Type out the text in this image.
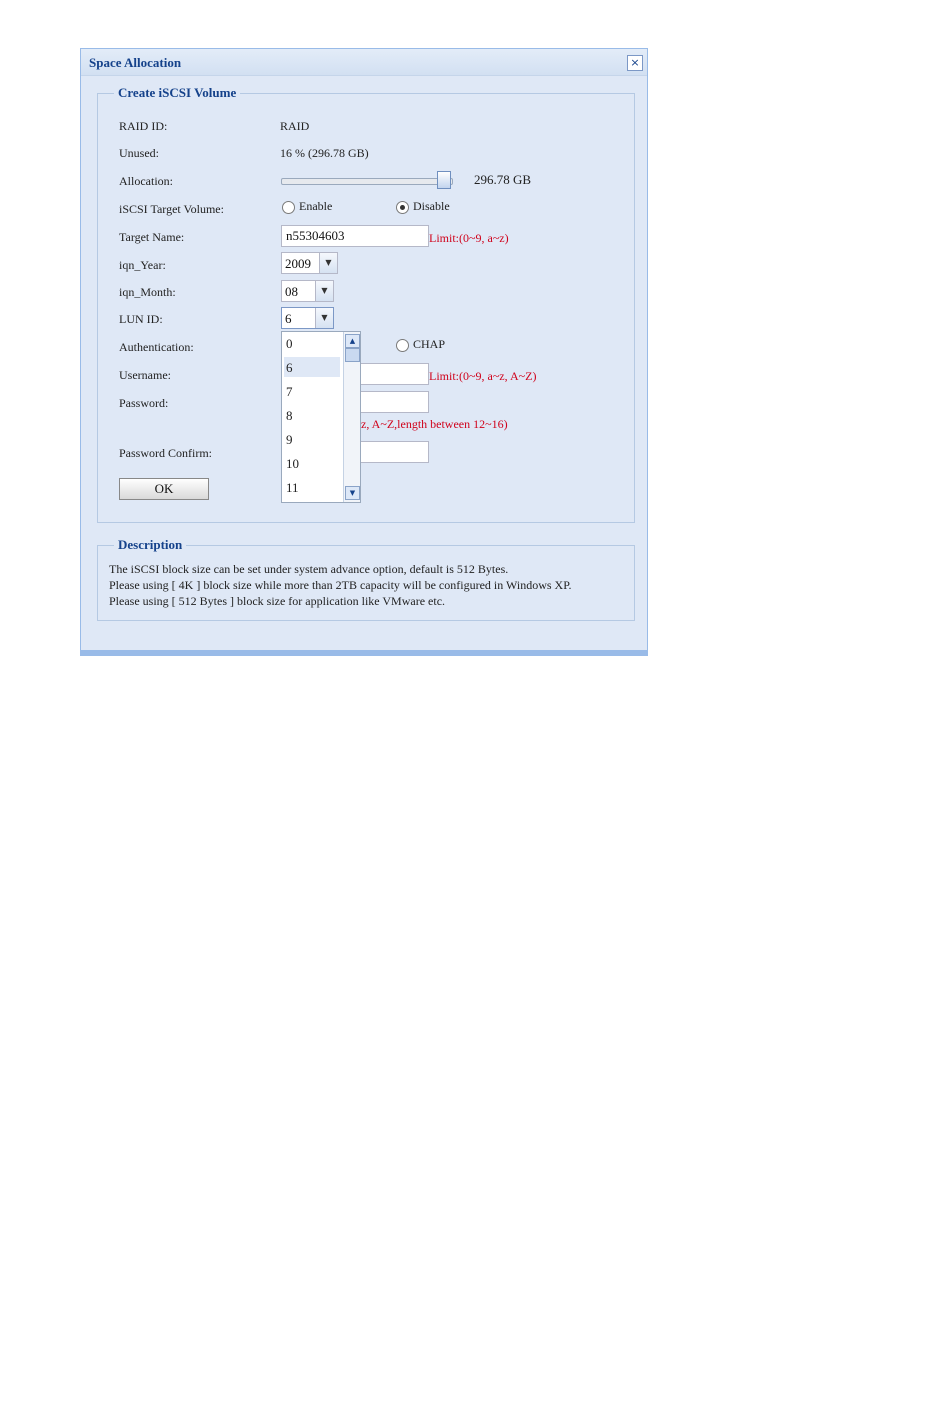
Space Allocation	×
Create iSCSI Volume
RAID ID:	RAID
Unused:	16 % (296.78 GB)
Allocation:	296.78 GB
iSCSI Target Volume:	Enable	Disable
Target Name:
n55304603	Limit:(0~9, a~z)
iqn_Year:	2009	▼
iqn_Month:	08	▼
LUN ID:	6	▼
Authentication:	CHAP
Username:	Limit:(0~9, a~z, A~Z)
Password:
z, A~Z,length between 12~16)
Password Confirm:
OK
0
6
7
8
9
10
11
▲
▼
Description
The iSCSI block size can be set under system advance option, default is 512 Bytes.
Please using [ 4K ] block size while more than 2TB capacity will be configured in Windows XP.
Please using [ 512 Bytes ] block size for application like VMware etc.
